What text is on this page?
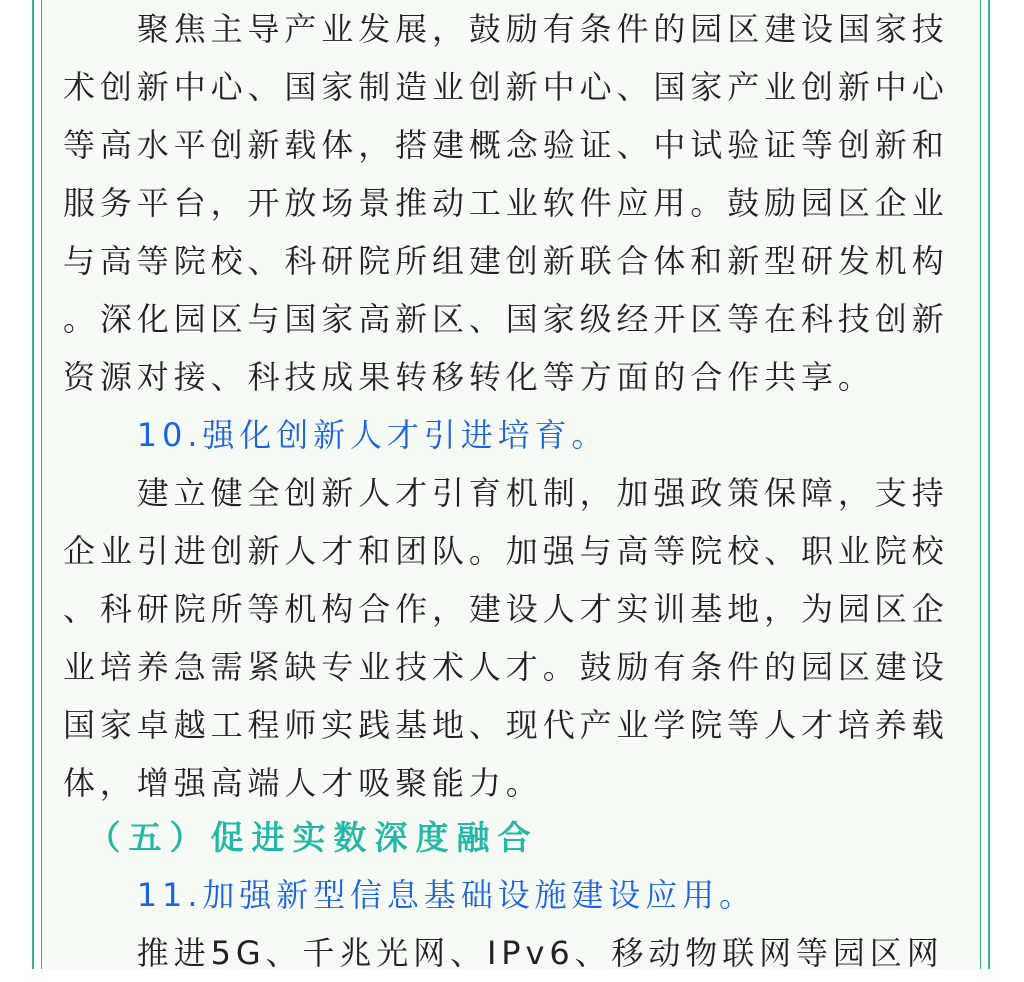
　　聚焦主导产业发展，鼓励有条件的园区建设国家技
术创新中心、国家制造业创新中心、国家产业创新中心
等高水平创新载体，搭建概念验证、中试验证等创新和
服务平台，开放场景推动工业软件应用。鼓励园区企业
与高等院校、科研院所组建创新联合体和新型研发机构
。深化园区与国家高新区、国家级经开区等在科技创新
资源对接、科技成果转移转化等方面的合作共享。
　　10.强化创新人才引进培育。
　　建立健全创新人才引育机制，加强政策保障，支持
企业引进创新人才和团队。加强与高等院校、职业院校
、科研院所等机构合作，建设人才实训基地，为园区企
业培养急需紧缺专业技术人才。鼓励有条件的园区建设
国家卓越工程师实践基地、现代产业学院等人才培养载
体，增强高端人才吸聚能力。
　（五）促进实数深度融合
　　11.加强新型信息基础设施建设应用。
　　推进5G、千兆光网、IPv6、移动物联网等园区网
